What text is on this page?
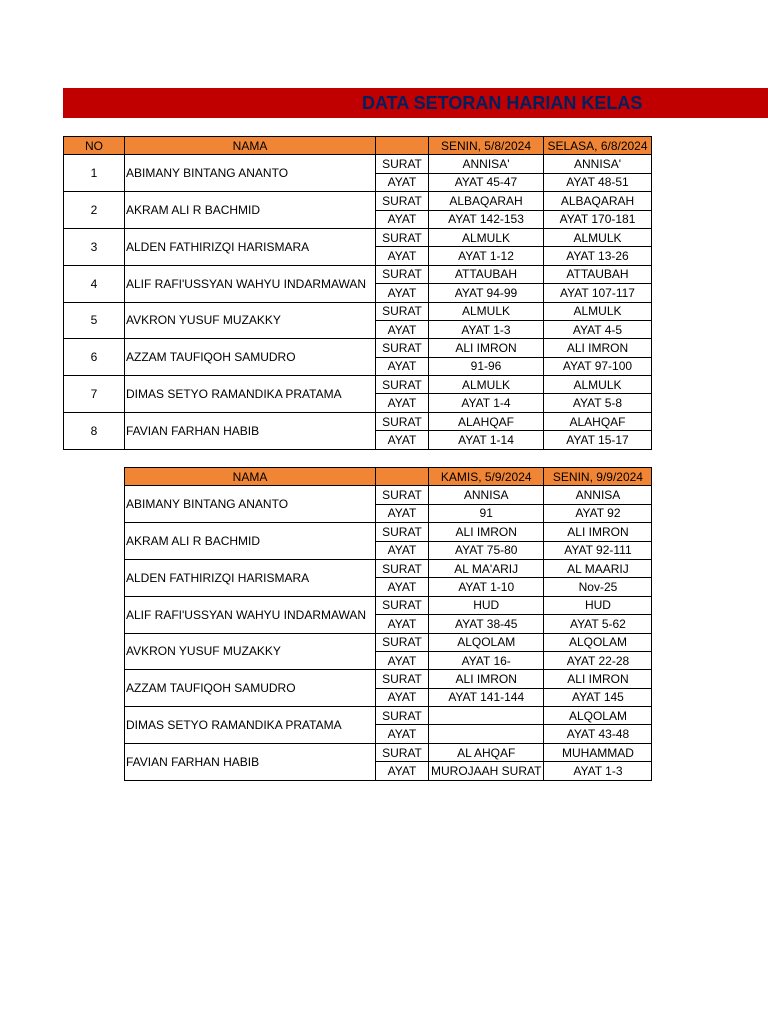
DATA SETORAN HARIAN KELAS
NO	NAMA		SENIN, 5/8/2024	SELASA, 6/8/2024
1	ABIMANY BINTANG ANANTO	SURAT	ANNISA'	ANNISA'
		AYAT	AYAT 45-47	AYAT 48-51
2	AKRAM ALI R BACHMID	SURAT	ALBAQARAH	ALBAQARAH
		AYAT	AYAT 142-153	AYAT 170-181
3	ALDEN FATHIRIZQI HARISMARA	SURAT	ALMULK	ALMULK
		AYAT	AYAT 1-12	AYAT 13-26
4	ALIF RAFI'USSYAN WAHYU INDARMAWAN	SURAT	ATTAUBAH	ATTAUBAH
		AYAT	AYAT 94-99	AYAT 107-117
5	AVKRON YUSUF MUZAKKY	SURAT	ALMULK	ALMULK
		AYAT	AYAT 1-3	AYAT 4-5
6	AZZAM TAUFIQOH SAMUDRO	SURAT	ALI IMRON	ALI IMRON
		AYAT	91-96	AYAT 97-100
7	DIMAS SETYO RAMANDIKA PRATAMA	SURAT	ALMULK	ALMULK
		AYAT	AYAT 1-4	AYAT 5-8
8	FAVIAN FARHAN HABIB	SURAT	ALAHQAF	ALAHQAF
		AYAT	AYAT 1-14	AYAT 15-17
NAMA		KAMIS, 5/9/2024	SENIN, 9/9/2024
ABIMANY BINTANG ANANTO	SURAT	ANNISA	ANNISA
	AYAT	91	AYAT 92
AKRAM ALI R BACHMID	SURAT	ALI IMRON	ALI IMRON
	AYAT	AYAT 75-80	AYAT 92-111
ALDEN FATHIRIZQI HARISMARA	SURAT	AL MA'ARIJ	AL MAARIJ
	AYAT	AYAT 1-10	Nov-25
ALIF RAFI'USSYAN WAHYU INDARMAWAN	SURAT	HUD	HUD
	AYAT	AYAT 38-45	AYAT 5-62
AVKRON YUSUF MUZAKKY	SURAT	ALQOLAM	ALQOLAM
	AYAT	AYAT 16-	AYAT 22-28
AZZAM TAUFIQOH SAMUDRO	SURAT	ALI IMRON	ALI IMRON
	AYAT	AYAT 141-144	AYAT 145
DIMAS SETYO RAMANDIKA PRATAMA	SURAT		ALQOLAM
	AYAT		AYAT 43-48
FAVIAN FARHAN HABIB	SURAT	AL AHQAF	MUHAMMAD
	AYAT	MUROJAAH SURAT	AYAT 1-3
